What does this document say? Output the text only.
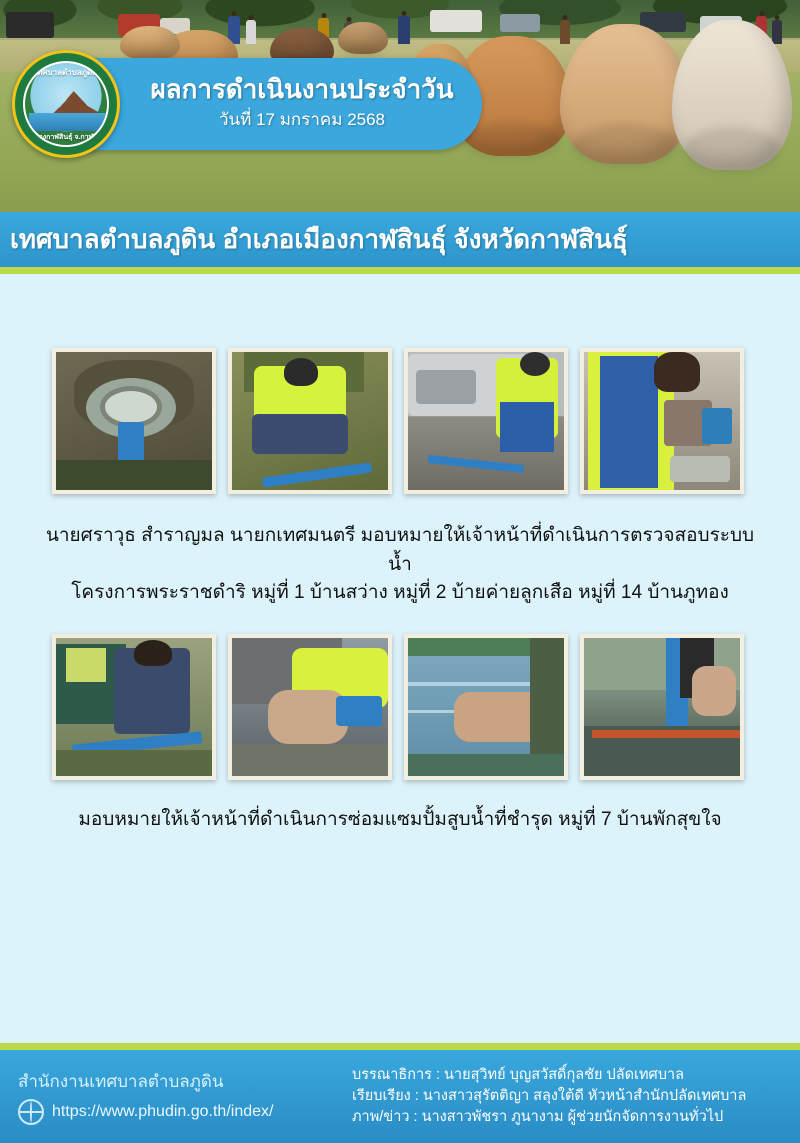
ผลการดำเนินงานประจำวัน
วันที่ 17 มกราคม 2568
เทศบาลตำบลภูดิน
อ.เมืองกาฬสินธุ์ จ.กาฬสินธุ์
เทศบาลตำบลภูดิน อำเภอเมืองกาฬสินธุ์ จังหวัดกาฬสินธุ์
นายศราวุธ สำราญมล นายกเทศมนตรี มอบหมายให้เจ้าหน้าที่ดำเนินการตรวจสอบระบบน้ำ
โครงการพระราชดำริ หมู่ที่ 1 บ้านสว่าง หมู่ที่ 2 บ้ายค่ายลูกเสือ หมู่ที่ 14 บ้านภูทอง
มอบหมายให้เจ้าหน้าที่ดำเนินการซ่อมแซมปั้มสูบน้ำที่ชำรุด หมู่ที่ 7 บ้านพักสุขใจ
สำนักงานเทศบาลตำบลภูดิน
https://www.phudin.go.th/index/
บรรณาธิการ : นายสุวิทย์ บุญสวัสดิ์กุลชัย ปลัดเทศบาล
เรียบเรียง : นางสาวสุรัตติญา สลุงใต้ดี หัวหน้าสำนักปลัดเทศบาล
ภาพ/ข่าว : นางสาวพัชรา ภูนางาม ผู้ช่วยนักจัดการงานทั่วไป
